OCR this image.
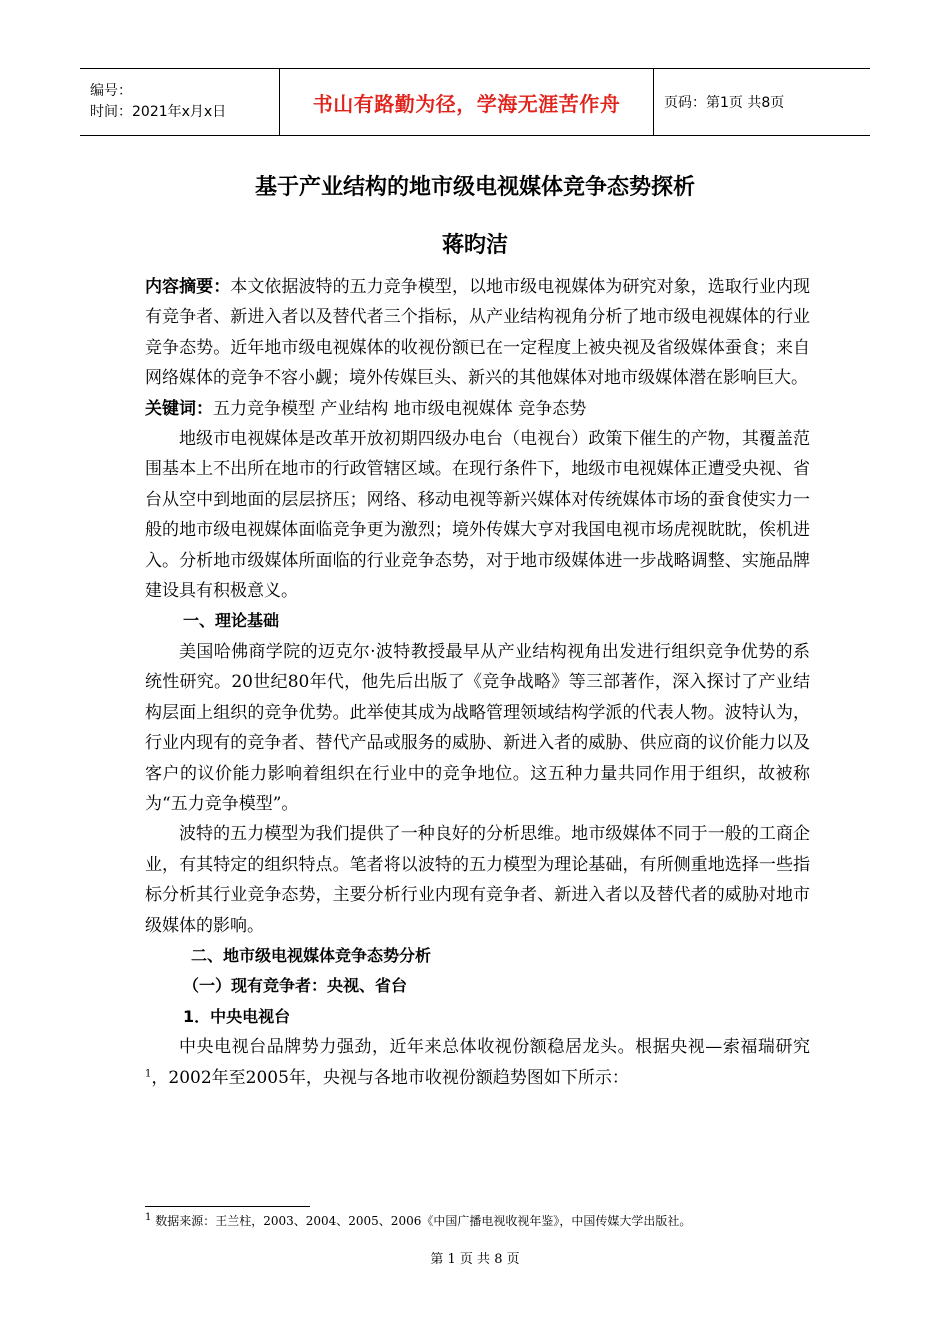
编号：
时间：2021年x月x日	书山有路勤为径，学海无涯苦作舟	页码：第1页 共8页
基于产业结构的地市级电视媒体竞争态势探析
蒋昀洁

内容摘要：本文依据波特的五力竞争模型，以地市级电视媒体为研究对象，选取行业内现有竞争者、新进入者以及替代者三个指标，从产业结构视角分析了地市级电视媒体的行业竞争态势。近年地市级电视媒体的收视份额已在一定程度上被央视及省级媒体蚕食；来自网络媒体的竞争不容小觑；境外传媒巨头、新兴的其他媒体对地市级媒体潜在影响巨大。

关键词：五力竞争模型 产业结构 地市级电视媒体 竞争态势

地级市电视媒体是改革开放初期四级办电台（电视台）政策下催生的产物，其覆盖范围基本上不出所在地市的行政管辖区域。在现行条件下，地级市电视媒体正遭受央视、省台从空中到地面的层层挤压；网络、移动电视等新兴媒体对传统媒体市场的蚕食使实力一般的地市级电视媒体面临竞争更为激烈；境外传媒大亨对我国电视市场虎视眈眈，俟机进入。分析地市级媒体所面临的行业竞争态势，对于地市级媒体进一步战略调整、实施品牌建设具有积极意义。

一、理论基础

美国哈佛商学院的迈克尔·波特教授最早从产业结构视角出发进行组织竞争优势的系统性研究。20世纪80年代，他先后出版了《竞争战略》等三部著作，深入探讨了产业结构层面上组织的竞争优势。此举使其成为战略管理领域结构学派的代表人物。波特认为，行业内现有的竞争者、替代产品或服务的威胁、新进入者的威胁、供应商的议价能力以及客户的议价能力影响着组织在行业中的竞争地位。这五种力量共同作用于组织，故被称为“五力竞争模型”。

波特的五力模型为我们提供了一种良好的分析思维。地市级媒体不同于一般的工商企业，有其特定的组织特点。笔者将以波特的五力模型为理论基础，有所侧重地选择一些指标分析其行业竞争态势，主要分析行业内现有竞争者、新进入者以及替代者的威胁对地市级媒体的影响。

二、地市级电视媒体竞争态势分析

（一）现有竞争者：央视、省台

1．中央电视台

中央电视台品牌势力强劲，近年来总体收视份额稳居龙头。根据央视—索福瑞研究$^1$，2002年至2005年，央视与各地市收视份额趋势图如下所示：

$^1$ 数据来源：王兰柱，2003、2004、2005、2006《中国广播电视收视年鉴》，中国传媒大学出版社。
第 1 页 共 8 页
